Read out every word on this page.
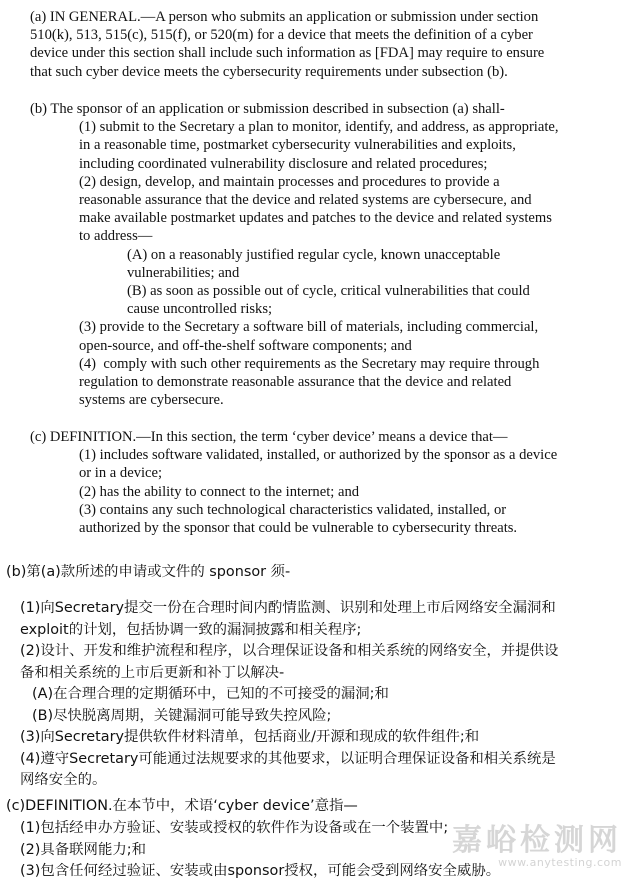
(a) IN GENERAL.—A person who submits an application or submission under section
510(k), 513, 515(c), 515(f), or 520(m) for a device that meets the definition of a cyber
device under this section shall include such information as [FDA] may require to ensure
that such cyber device meets the cybersecurity requirements under subsection (b).
(b) The sponsor of an application or submission described in subsection (a) shall-
(1) submit to the Secretary a plan to monitor, identify, and address, as appropriate,
in a reasonable time, postmarket cybersecurity vulnerabilities and exploits,
including coordinated vulnerability disclosure and related procedures;
(2) design, develop, and maintain processes and procedures to provide a
reasonable assurance that the device and related systems are cybersecure, and
make available postmarket updates and patches to the device and related systems
to address—
(A) on a reasonably justified regular cycle, known unacceptable
vulnerabilities; and
(B) as soon as possible out of cycle, critical vulnerabilities that could
cause uncontrolled risks;
(3) provide to the Secretary a software bill of materials, including commercial,
open-source, and off-the-shelf software components; and
(4)  comply with such other requirements as the Secretary may require through
regulation to demonstrate reasonable assurance that the device and related
systems are cybersecure.
(c) DEFINITION.—In this section, the term ‘cyber device’ means a device that—
(1) includes software validated, installed, or authorized by the sponsor as a device
or in a device;
(2) has the ability to connect to the internet; and
(3) contains any such technological characteristics validated, installed, or
authorized by the sponsor that could be vulnerable to cybersecurity threats.
(b)第(a)款所述的申请或文件的 sponsor 须-
(1)向Secretary提交一份在合理时间内酌情监测、识别和处理上市后网络安全漏洞和
exploit的计划，包括协调一致的漏洞披露和相关程序;
(2)设计、开发和维护流程和程序，以合理保证设备和相关系统的网络安全，并提供设
备和相关系统的上市后更新和补丁以解决-
(A)在合理合理的定期循环中，已知的不可接受的漏洞;和
(B)尽快脱离周期，关键漏洞可能导致失控风险;
(3)向Secretary提供软件材料清单，包括商业/开源和现成的软件组件;和
(4)遵守Secretary可能通过法规要求的其他要求，以证明合理保证设备和相关系统是
网络安全的。
(c)DEFINITION.在本节中，术语‘cyber device’意指—
(1)包括经申办方验证、安装或授权的软件作为设备或在一个装置中;
(2)具备联网能力;和
(3)包含任何经过验证、安装或由sponsor授权，可能会受到网络安全威胁。
嘉峪检测网
www.anytesting.com
